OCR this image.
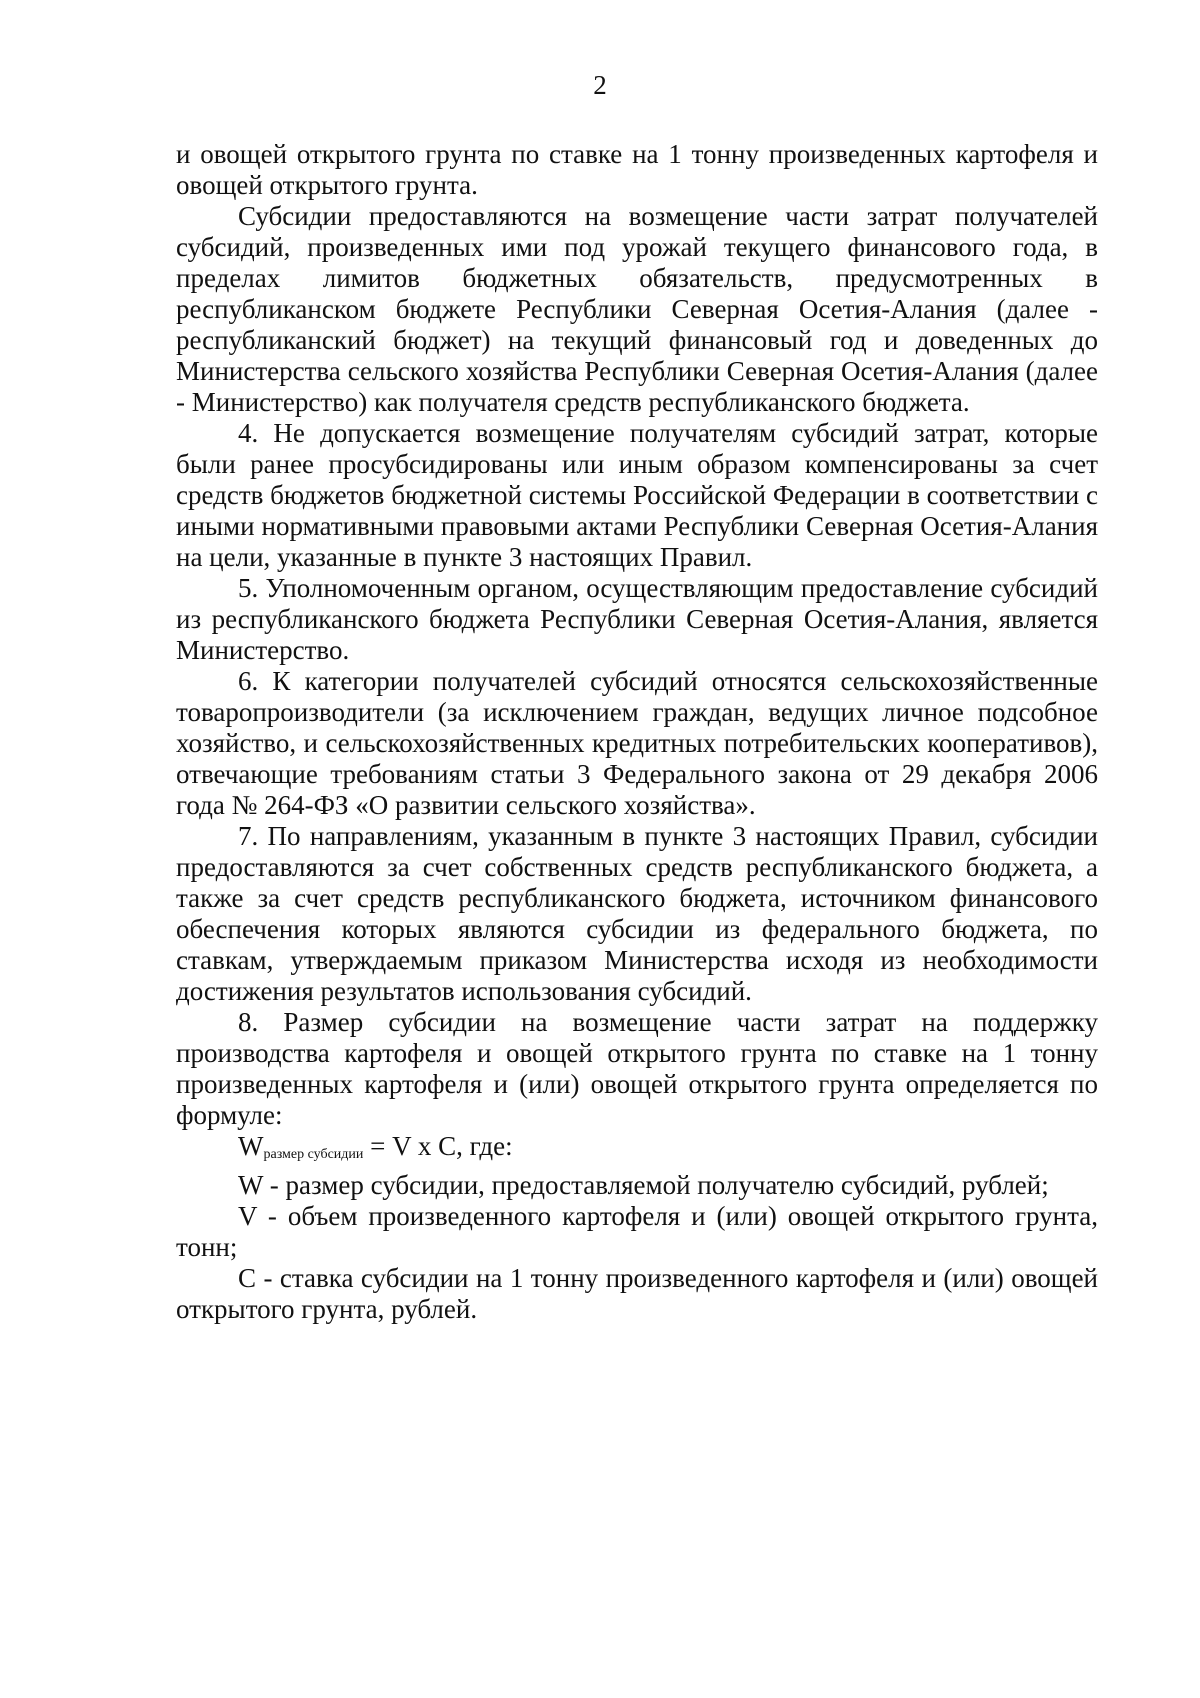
2

и овощей открытого грунта по ставке на 1 тонну произведенных картофеля и овощей открытого грунта.

Субсидии предоставляются на возмещение части затрат получателей субсидий, произведенных ими под урожай текущего финансового года, в пределах лимитов бюджетных обязательств, предусмотренных в республиканском бюджете Республики Северная Осетия-Алания (далее - республиканский бюджет) на текущий финансовый год и доведенных до Министерства сельского хозяйства Республики Северная Осетия-Алания (далее - Министерство) как получателя средств республиканского бюджета.

4. Не допускается возмещение получателям субсидий затрат, которые были ранее просубсидированы или иным образом компенсированы за счет средств бюджетов бюджетной системы Российской Федерации в соответствии с иными нормативными правовыми актами Республики Северная Осетия-Алания на цели, указанные в пункте 3 настоящих Правил.

5. Уполномоченным органом, осуществляющим предоставление субсидий из республиканского бюджета Республики Северная Осетия-Алания, является Министерство.

6. К категории получателей субсидий относятся сельскохозяйственные товаропроизводители (за исключением граждан, ведущих личное подсобное хозяйство, и сельскохозяйственных кредитных потребительских кооперативов), отвечающие требованиям статьи 3 Федерального закона от 29 декабря 2006 года № 264-ФЗ «О развитии сельского хозяйства».

7. По направлениям, указанным в пункте 3 настоящих Правил, субсидии предоставляются за счет собственных средств республиканского бюджета, а также за счет средств республиканского бюджета, источником финансового обеспечения которых являются субсидии из федерального бюджета, по ставкам, утверждаемым приказом Министерства исходя из необходимости достижения результатов использования субсидий.

8. Размер субсидии на возмещение части затрат на поддержку производства картофеля и овощей открытого грунта по ставке на 1 тонну произведенных картофеля и (или) овощей открытого грунта определяется по формуле:

$W_{размер субсидии} = V$ x C, где:

W - размер субсидии, предоставляемой получателю субсидий, рублей;

V - объем произведенного картофеля и (или) овощей открытого грунта, тонн;

C - ставка субсидии на 1 тонну произведенного картофеля и (или) овощей открытого грунта, рублей.
